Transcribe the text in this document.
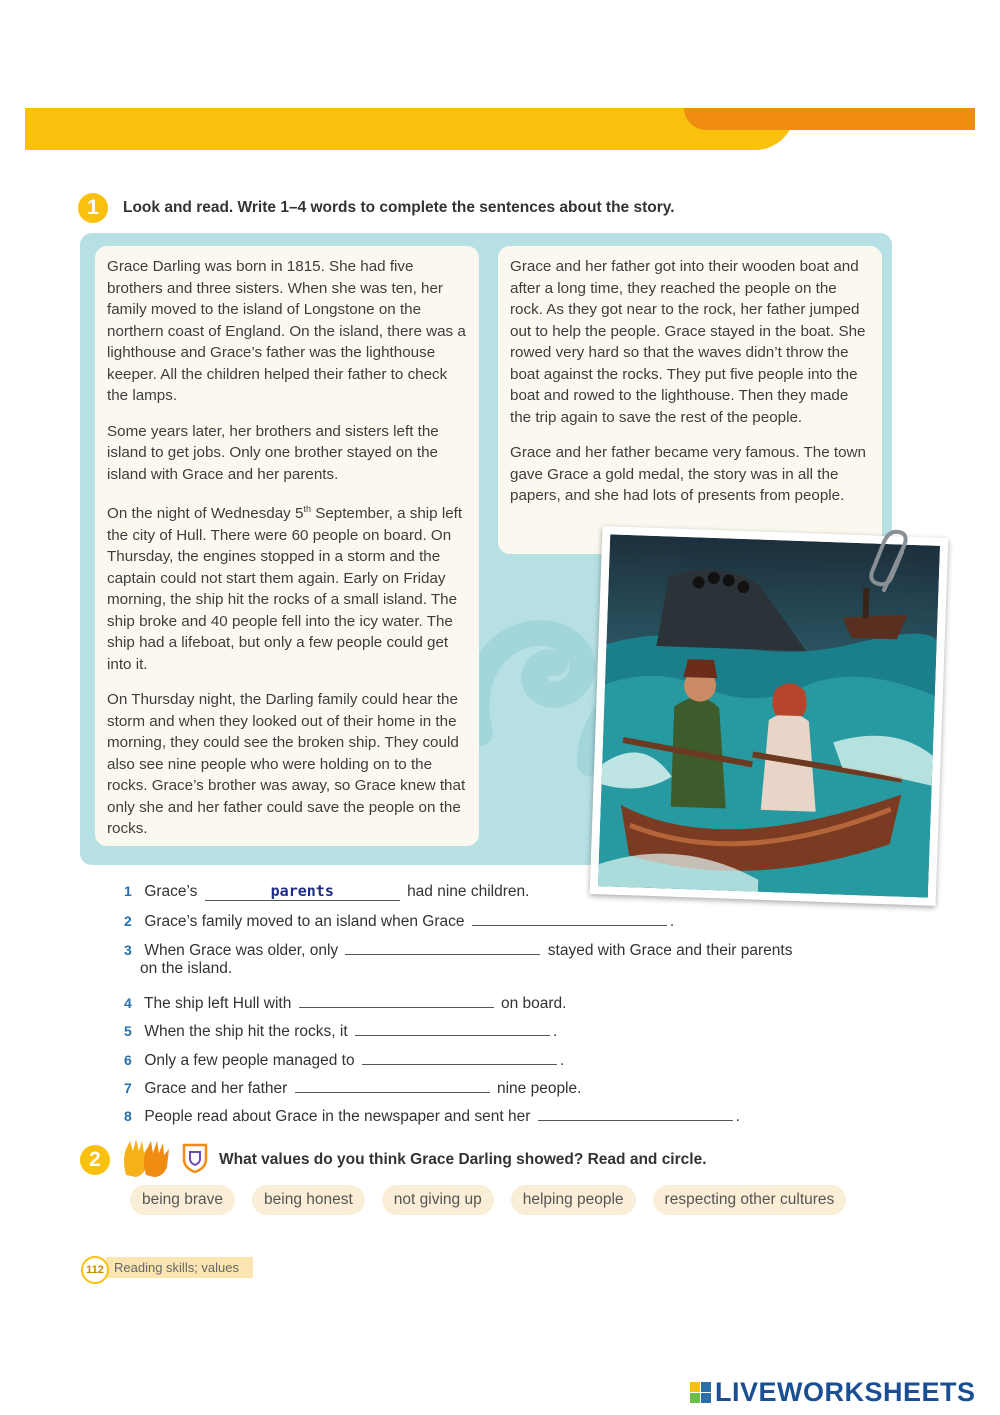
1	Look and read. Write 1–4 words to complete the sentences about the story.

Grace Darling was born in 1815. She had five brothers and three sisters. When she was ten, her family moved to the island of Longstone on the northern coast of England. On the island, there was a lighthouse and Grace’s father was the lighthouse keeper. All the children helped their father to check the lamps.

Some years later, her brothers and sisters left the island to get jobs. Only one brother stayed on the island with Grace and her parents.

On the night of Wednesday 5th September, a ship left the city of Hull. There were 60 people on board. On Thursday, the engines stopped in a storm and the captain could not start them again. Early on Friday morning, the ship hit the rocks of a small island. The ship broke and 40 people fell into the icy water. The ship had a lifeboat, but only a few people could get into it.

On Thursday night, the Darling family could hear the storm and when they looked out of their home in the morning, they could see the broken ship. They could also see nine people who were holding on to the rocks. Grace’s brother was away, so Grace knew that only she and her father could save the people on the rocks.

Grace and her father got into their wooden boat and after a long time, they reached the people on the rock. As they got near to the rock, her father jumped out to help the people. Grace stayed in the boat. She rowed very hard so that the waves didn’t throw the boat against the rocks. They put five people into the boat and rowed to the lighthouse. Then they made the trip again to save the rest of the people.

Grace and her father became very famous. The town gave Grace a gold medal, the story was in all the papers, and she had lots of presents from people.

1 Grace’s	parents	had nine children.
2 Grace’s family moved to an island when Grace	.
3 When Grace was older, only	stayed with Grace and their parents
on the island.
4 The ship left Hull with	on board.
5 When the ship hit the rocks, it	.
6 Only a few people managed to	.
7 Grace and her father	nine people.
8 People read about Grace in the newspaper and sent her	.
2	What values do you think Grace Darling showed? Read and circle.
being brave	being honest	not giving up	helping people	respecting other cultures
Reading skills; values
112
LIVEWORKSHEETS
